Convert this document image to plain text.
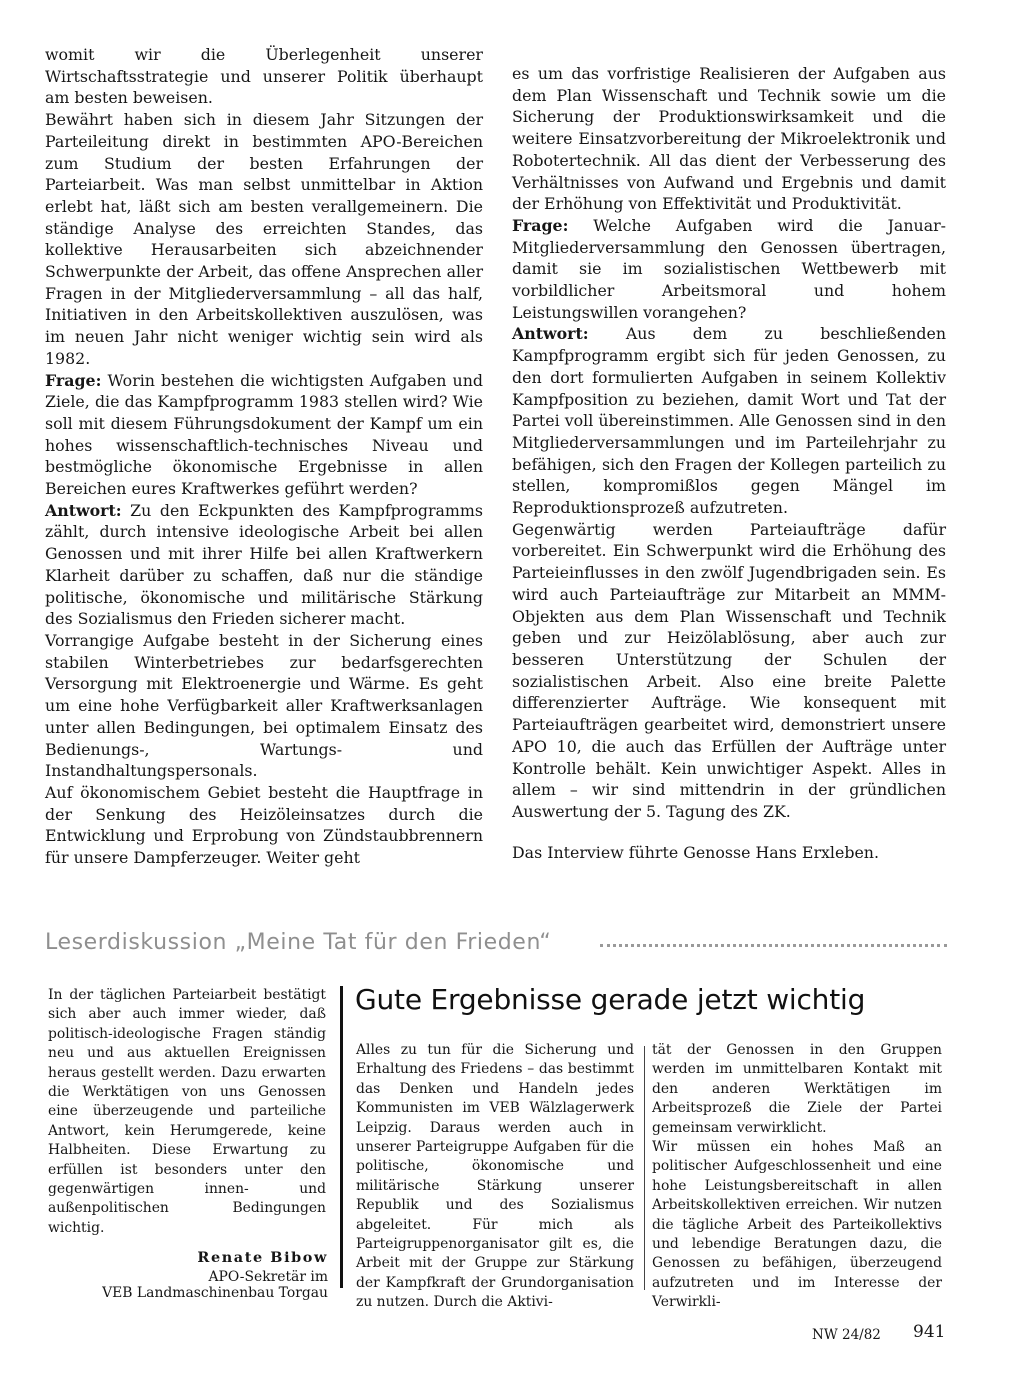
womit wir die Überlegenheit unserer Wirtschaftsstrategie und unserer Politik überhaupt am besten beweisen.

Bewährt haben sich in diesem Jahr Sitzungen der Parteileitung direkt in bestimmten APO-Bereichen zum Studium der besten Erfahrungen der Parteiarbeit. Was man selbst unmittelbar in Aktion erlebt hat, läßt sich am besten verallgemeinern. Die ständige Analyse des erreichten Standes, das kollektive Herausarbeiten sich abzeichnender Schwerpunkte der Arbeit, das offene Ansprechen aller Fragen in der Mitgliederversammlung – all das half, Initiativen in den Arbeitskollektiven auszulösen, was im neuen Jahr nicht weniger wichtig sein wird als 1982.

Frage: Worin bestehen die wichtigsten Aufgaben und Ziele, die das Kampfprogramm 1983 stellen wird? Wie soll mit diesem Führungsdokument der Kampf um ein hohes wissenschaftlich-technisches Niveau und bestmögliche ökonomische Ergebnisse in allen Bereichen eures Kraftwerkes geführt werden?

Antwort: Zu den Eckpunkten des Kampfprogramms zählt, durch intensive ideologische Arbeit bei allen Genossen und mit ihrer Hilfe bei allen Kraftwerkern Klarheit darüber zu schaffen, daß nur die ständige politische, ökonomische und militärische Stärkung des Sozialismus den Frieden sicherer macht.

Vorrangige Aufgabe besteht in der Sicherung eines stabilen Winterbetriebes zur bedarfsgerechten Versorgung mit Elektroenergie und Wärme. Es geht um eine hohe Verfügbarkeit aller Kraftwerksanlagen unter allen Bedingungen, bei optimalem Einsatz des Bedienungs-, Wartungs- und Instandhaltungspersonals.

Auf ökonomischem Gebiet besteht die Hauptfrage in der Senkung des Heizöleinsatzes durch die Entwicklung und Erprobung von Zündstaubbrennern für unsere Dampferzeuger. Weiter geht

es um das vorfristige Realisieren der Aufgaben aus dem Plan Wissenschaft und Technik sowie um die Sicherung der Produktionswirksamkeit und die weitere Einsatzvorbereitung der Mikroelektronik und Robotertechnik. All das dient der Verbesserung des Verhältnisses von Aufwand und Ergebnis und damit der Erhöhung von Effektivität und Produktivität.

Frage: Welche Aufgaben wird die Januar-Mitgliederversammlung den Genossen übertragen, damit sie im sozialistischen Wettbewerb mit vorbildlicher Arbeitsmoral und hohem Leistungswillen vorangehen?

Antwort: Aus dem zu beschließenden Kampfprogramm ergibt sich für jeden Genossen, zu den dort formulierten Aufgaben in seinem Kollektiv Kampfposition zu beziehen, damit Wort und Tat der Partei voll übereinstimmen. Alle Genossen sind in den Mitgliederversammlungen und im Parteilehrjahr zu befähigen, sich den Fragen der Kollegen parteilich zu stellen, kompromißlos gegen Mängel im Reproduktionsprozeß aufzutreten.

Gegenwärtig werden Parteiaufträge dafür vorbereitet. Ein Schwerpunkt wird die Erhöhung des Parteieinflusses in den zwölf Jugendbrigaden sein. Es wird auch Parteiaufträge zur Mitarbeit an MMM-Objekten aus dem Plan Wissenschaft und Technik geben und zur Heizölablösung, aber auch zur besseren Unterstützung der Schulen der sozialistischen Arbeit. Also eine breite Palette differenzierter Aufträge. Wie konsequent mit Parteiaufträgen gearbeitet wird, demonstriert unsere APO 10, die auch das Erfüllen der Aufträge unter Kontrolle behält. Kein unwichtiger Aspekt. Alles in allem – wir sind mittendrin in der gründlichen Auswertung der 5. Tagung des ZK.

Das Interview führte Genosse Hans Erxleben.

Leserdiskussion „Meine Tat für den Frieden“

In der täglichen Parteiarbeit bestätigt sich aber auch immer wieder, daß politisch-ideologische Fragen ständig neu und aus aktuellen Ereignissen heraus gestellt werden. Dazu erwarten die Werktätigen von uns Genossen eine überzeugende und parteiliche Antwort, kein Herumgerede, keine Halbheiten. Diese Erwartung zu erfüllen ist besonders unter den gegenwärtigen innen- und außenpolitischen Bedingungen wichtig.

Renate Bibow
APO-Sekretär im
VEB Landmaschinenbau Torgau
Gute Ergebnisse gerade jetzt wichtig

Alles zu tun für die Sicherung und Erhaltung des Friedens – das bestimmt das Denken und Handeln jedes Kommunisten im VEB Wälzlagerwerk Leipzig. Daraus werden auch in unserer Parteigruppe Aufgaben für die politische, ökonomische und militärische Stärkung unserer Republik und des Sozialismus abgeleitet. Für mich als Parteigruppenorganisator gilt es, die Arbeit mit der Gruppe zur Stärkung der Kampfkraft der Grundorganisation zu nutzen. Durch die Aktivi-

tät der Genossen in den Gruppen werden im unmittelbaren Kontakt mit den anderen Werktätigen im Arbeitsprozeß die Ziele der Partei gemeinsam verwirklicht.

Wir müssen ein hohes Maß an politischer Aufgeschlossenheit und eine hohe Leistungsbereitschaft in allen Arbeitskollektiven erreichen. Wir nutzen die tägliche Arbeit des Parteikollektivs und lebendige Beratungen dazu, die Genossen zu befähigen, überzeugend aufzutreten und im Interesse der Verwirkli-

NW 24/82 941
